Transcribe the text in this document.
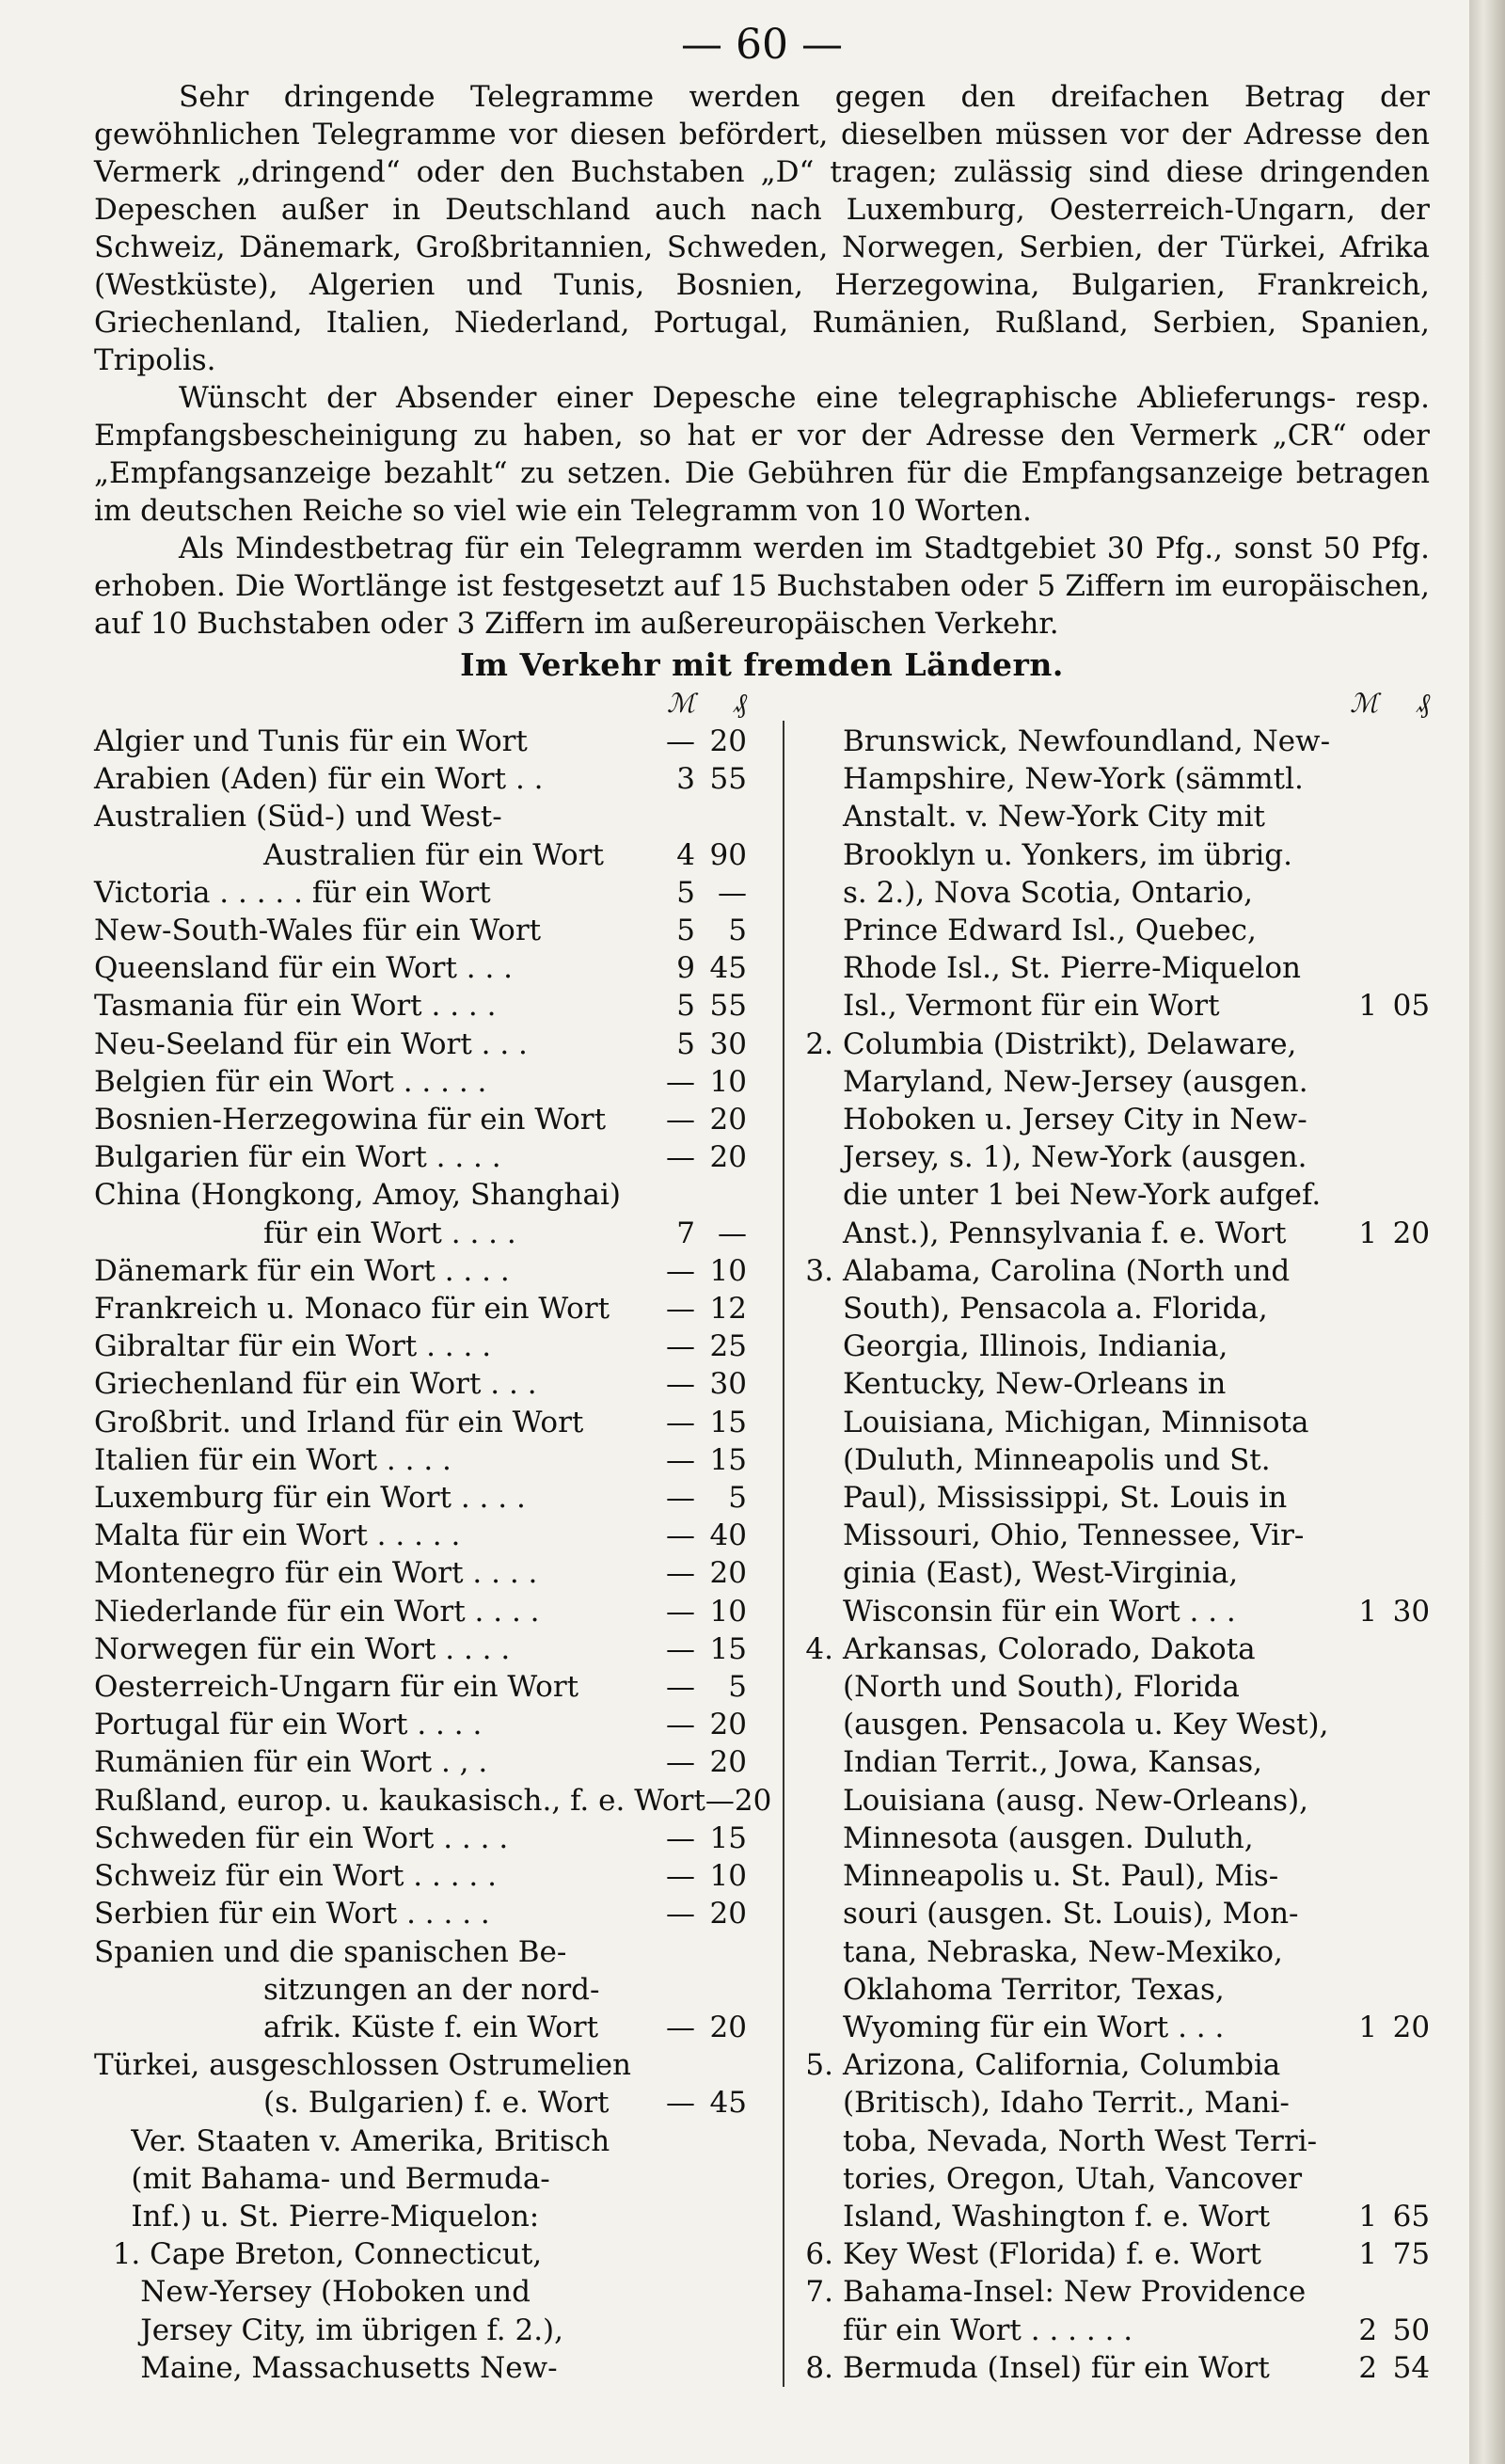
— 60 —

Sehr dringende Telegramme werden gegen den dreifachen Betrag der gewöhnlichen Telegramme vor diesen befördert, dieselben müssen vor der Adresse den Vermerk „dringend“ oder den Buchstaben „D“ tragen; zulässig sind diese dringenden Depeschen außer in Deutschland auch nach Luxemburg, Oesterreich-Ungarn, der Schweiz, Dänemark, Großbritannien, Schweden, Norwegen, Serbien, der Türkei, Afrika (Westküste), Algerien und Tunis, Bosnien, Herzegowina, Bulgarien, Frankreich, Griechenland, Italien, Niederland, Portugal, Rumänien, Rußland, Serbien, Spanien, Tripolis.

Wünscht der Absender einer Depesche eine telegraphische Ablieferungs- resp. Empfangsbescheinigung zu haben, so hat er vor der Adresse den Vermerk „CR“ oder „Empfangsanzeige bezahlt“ zu setzen. Die Gebühren für die Empfangsanzeige betragen im deutschen Reiche so viel wie ein Telegramm von 10 Worten.

Als Mindestbetrag für ein Telegramm werden im Stadtgebiet 30 Pfg., sonst 50 Pfg. erhoben. Die Wortlänge ist festgesetzt auf 15 Buchstaben oder 5 Ziffern im europäischen, auf 10 Buchstaben oder 3 Ziffern im außereuropäischen Verkehr.

Im Verkehr mit fremden Ländern.
ℳ	₰
Algier und Tunis für ein Wort	— 20
Arabien (Aden) für ein Wort . .	3 55
Australien (Süd-) und West-
Australien für ein Wort	4 90
Victoria . . . . . für ein Wort	5 —
New-South-Wales für ein Wort	5	5
Queensland für ein Wort . . .	9 45
Tasmania für ein Wort . . . .	5 55
Neu-Seeland für ein Wort . . .	5 30
Belgien für ein Wort . . . . .	— 10
Bosnien-Herzegowina für ein Wort	— 20
Bulgarien für ein Wort . . . .	— 20
China (Hongkong, Amoy, Shanghai)
für ein Wort . . . .	7 —
Dänemark für ein Wort . . . .	— 10
Frankreich u. Monaco für ein Wort	— 12
Gibraltar für ein Wort . . . .	— 25
Griechenland für ein Wort . . .	— 30
Großbrit. und Irland für ein Wort	— 15
Italien für ein Wort . . . .	— 15
Luxemburg für ein Wort . . . .	—	5
Malta für ein Wort . . . . .	— 40
Montenegro für ein Wort . . . .	— 20
Niederlande für ein Wort . . . .	— 10
Norwegen für ein Wort . . . .	— 15
Oesterreich-Ungarn für ein Wort	—	5
Portugal für ein Wort . . . .	— 20
Rumänien für ein Wort . , .	— 20
Rußland, europ. u. kaukasisch., f. e. Wort — 20
Schweden für ein Wort . . . .	— 15
Schweiz für ein Wort . . . . .	— 10
Serbien für ein Wort . . . . .	— 20
Spanien und die spanischen Be-
sitzungen an der nord-
afrik. Küste f. ein Wort	— 20
Türkei, ausgeschlossen Ostrumelien
(s. Bulgarien) f. e. Wort	— 45
Ver. Staaten v. Amerika, Britisch
(mit Bahama- und Bermuda-
Inf.) u. St. Pierre-Miquelon:
1. Cape Breton, Connecticut,
New-Yersey (Hoboken und
Jersey City, im übrigen f. 2.),
Maine, Massachusetts New-
ℳ	₰
Brunswick, Newfoundland, New-
Hampshire, New-York (sämmtl.
Anstalt. v. New-York City mit
Brooklyn u. Yonkers, im übrig.
s. 2.), Nova Scotia, Ontario,
Prince Edward Isl., Quebec,
Rhode Isl., St. Pierre-Miquelon
Isl., Vermont für ein Wort	1 05
2. Columbia (Distrikt), Delaware,
Maryland, New-Jersey (ausgen.
Hoboken u. Jersey City in New-
Jersey, s. 1), New-York (ausgen.
die unter 1 bei New-York aufgef.
Anst.), Pennsylvania f. e. Wort	1 20
3. Alabama, Carolina (North und
South), Pensacola a. Florida,
Georgia, Illinois, Indianiа,
Kentucky, New-Orleans in
Louisiana, Michigan, Minnisota
(Duluth, Minneapolis und St.
Paul), Mississippi, St. Louis in
Missouri, Ohio, Tennessee, Vir-
ginia (East), West-Virginia,
Wisconsin für ein Wort . . .	1 30
4. Arkansas, Colorado, Dakota
(North und South), Florida
(ausgen. Pensacola u. Key West),
Indian Territ., Jowa, Kansas,
Louisiana (ausg. New-Orleans),
Minnesota (ausgen. Duluth,
Minneapolis u. St. Paul), Mis-
souri (ausgen. St. Louis), Mon-
tana, Nebraska, New-Mexiko,
Oklahoma Territor, Texas,
Wyoming für ein Wort . . .	1 20
5. Arizona, California, Columbia
(Britisch), Idaho Territ., Mani-
toba, Nevada, North West Terri-
tories, Oregon, Utah, Vancover
Island, Washington f. e. Wort	1 65
6. Key West (Florida) f. e. Wort	1 75
7. Bahama-Insel: New Providence
für ein Wort . . . . . .	2 50
8. Bermuda (Insel) für ein Wort	2 54
